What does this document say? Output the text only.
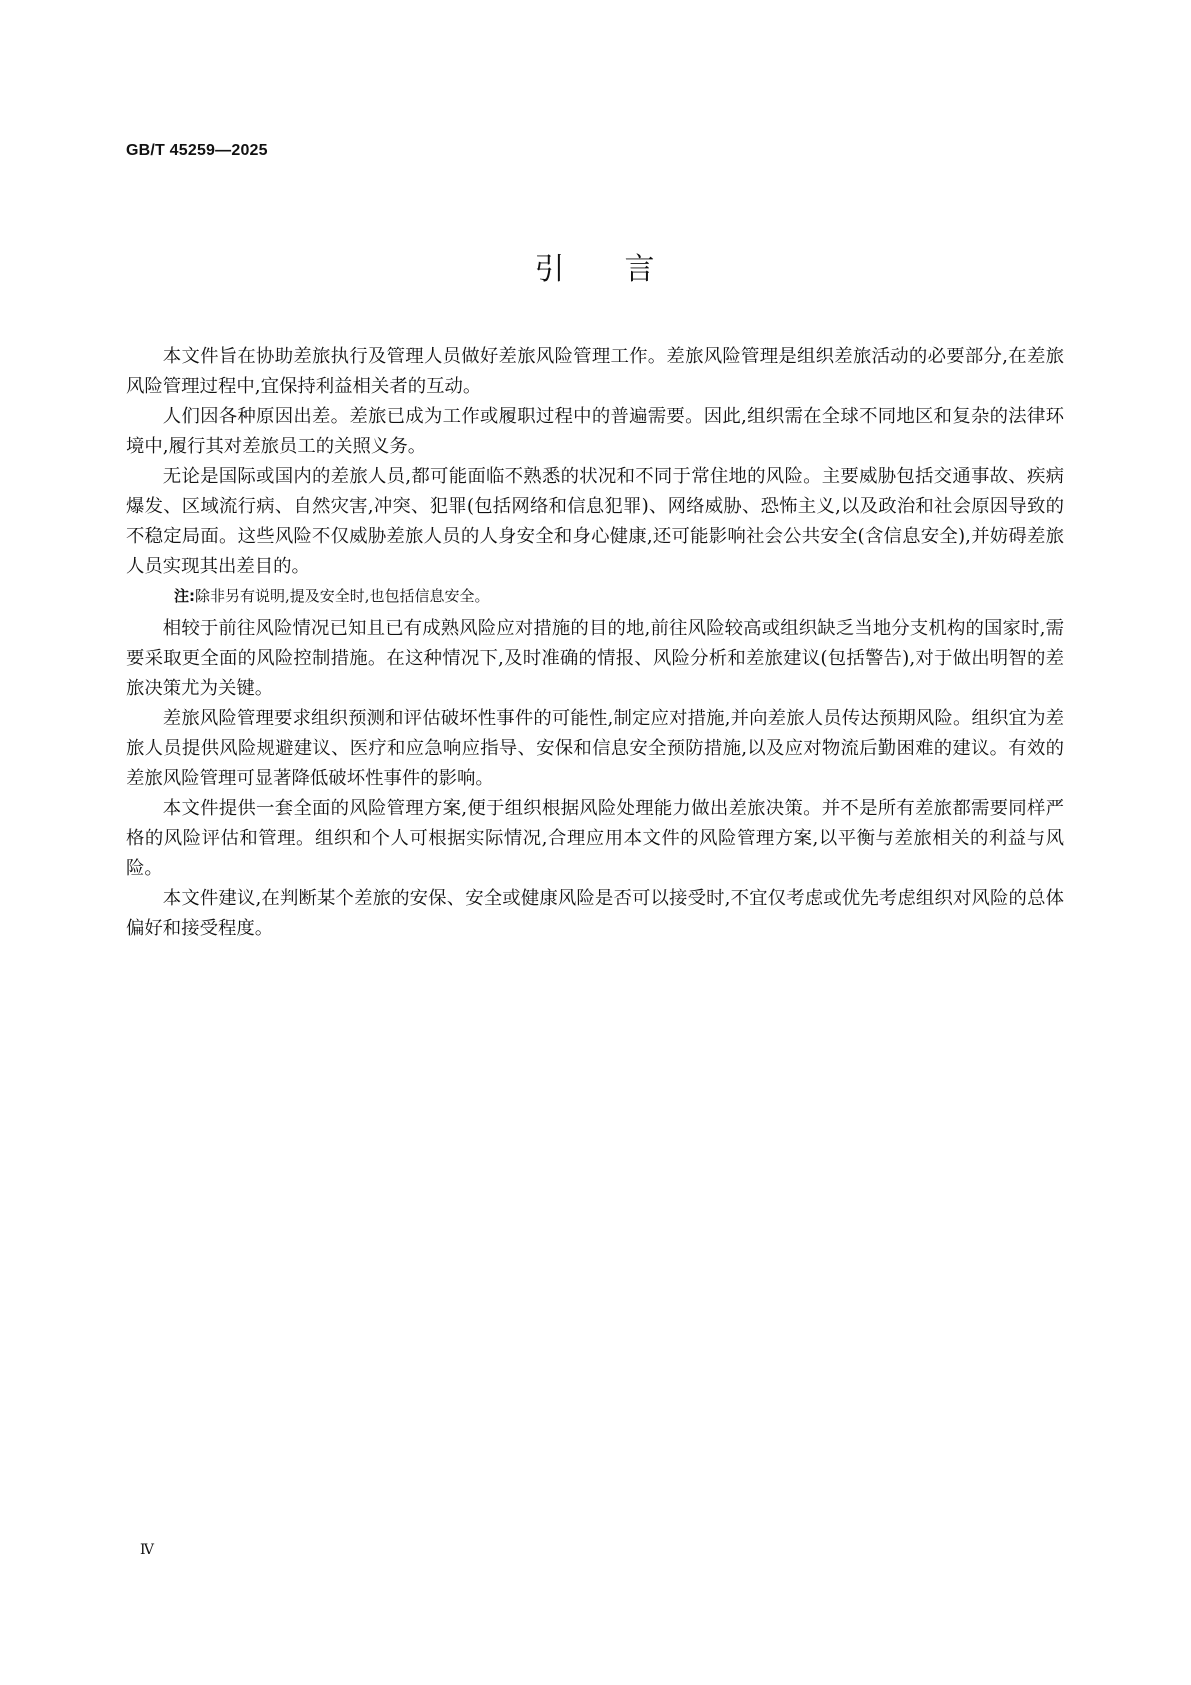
GB/T 45259—2025
引 言

本文件旨在协助差旅执行及管理人员做好差旅风险管理工作。差旅风险管理是组织差旅活动的必要部分,在差旅风险管理过程中,宜保持利益相关者的互动。

人们因各种原因出差。差旅已成为工作或履职过程中的普遍需要。因此,组织需在全球不同地区和复杂的法律环境中,履行其对差旅员工的关照义务。

无论是国际或国内的差旅人员,都可能面临不熟悉的状况和不同于常住地的风险。主要威胁包括交通事故、疾病爆发、区域流行病、自然灾害,冲突、犯罪(包括网络和信息犯罪)、网络威胁、恐怖主义,以及政治和社会原因导致的不稳定局面。这些风险不仅威胁差旅人员的人身安全和身心健康,还可能影响社会公共安全(含信息安全),并妨碍差旅人员实现其出差目的。

注:除非另有说明,提及安全时,也包括信息安全。

相较于前往风险情况已知且已有成熟风险应对措施的目的地,前往风险较高或组织缺乏当地分支机构的国家时,需要采取更全面的风险控制措施。在这种情况下,及时准确的情报、风险分析和差旅建议(包括警告),对于做出明智的差旅决策尤为关键。

差旅风险管理要求组织预测和评估破坏性事件的可能性,制定应对措施,并向差旅人员传达预期风险。组织宜为差旅人员提供风险规避建议、医疗和应急响应指导、安保和信息安全预防措施,以及应对物流后勤困难的建议。有效的差旅风险管理可显著降低破坏性事件的影响。

本文件提供一套全面的风险管理方案,便于组织根据风险处理能力做出差旅决策。并不是所有差旅都需要同样严格的风险评估和管理。组织和个人可根据实际情况,合理应用本文件的风险管理方案,以平衡与差旅相关的利益与风险。

本文件建议,在判断某个差旅的安保、安全或健康风险是否可以接受时,不宜仅考虑或优先考虑组织对风险的总体偏好和接受程度。

Ⅳ
